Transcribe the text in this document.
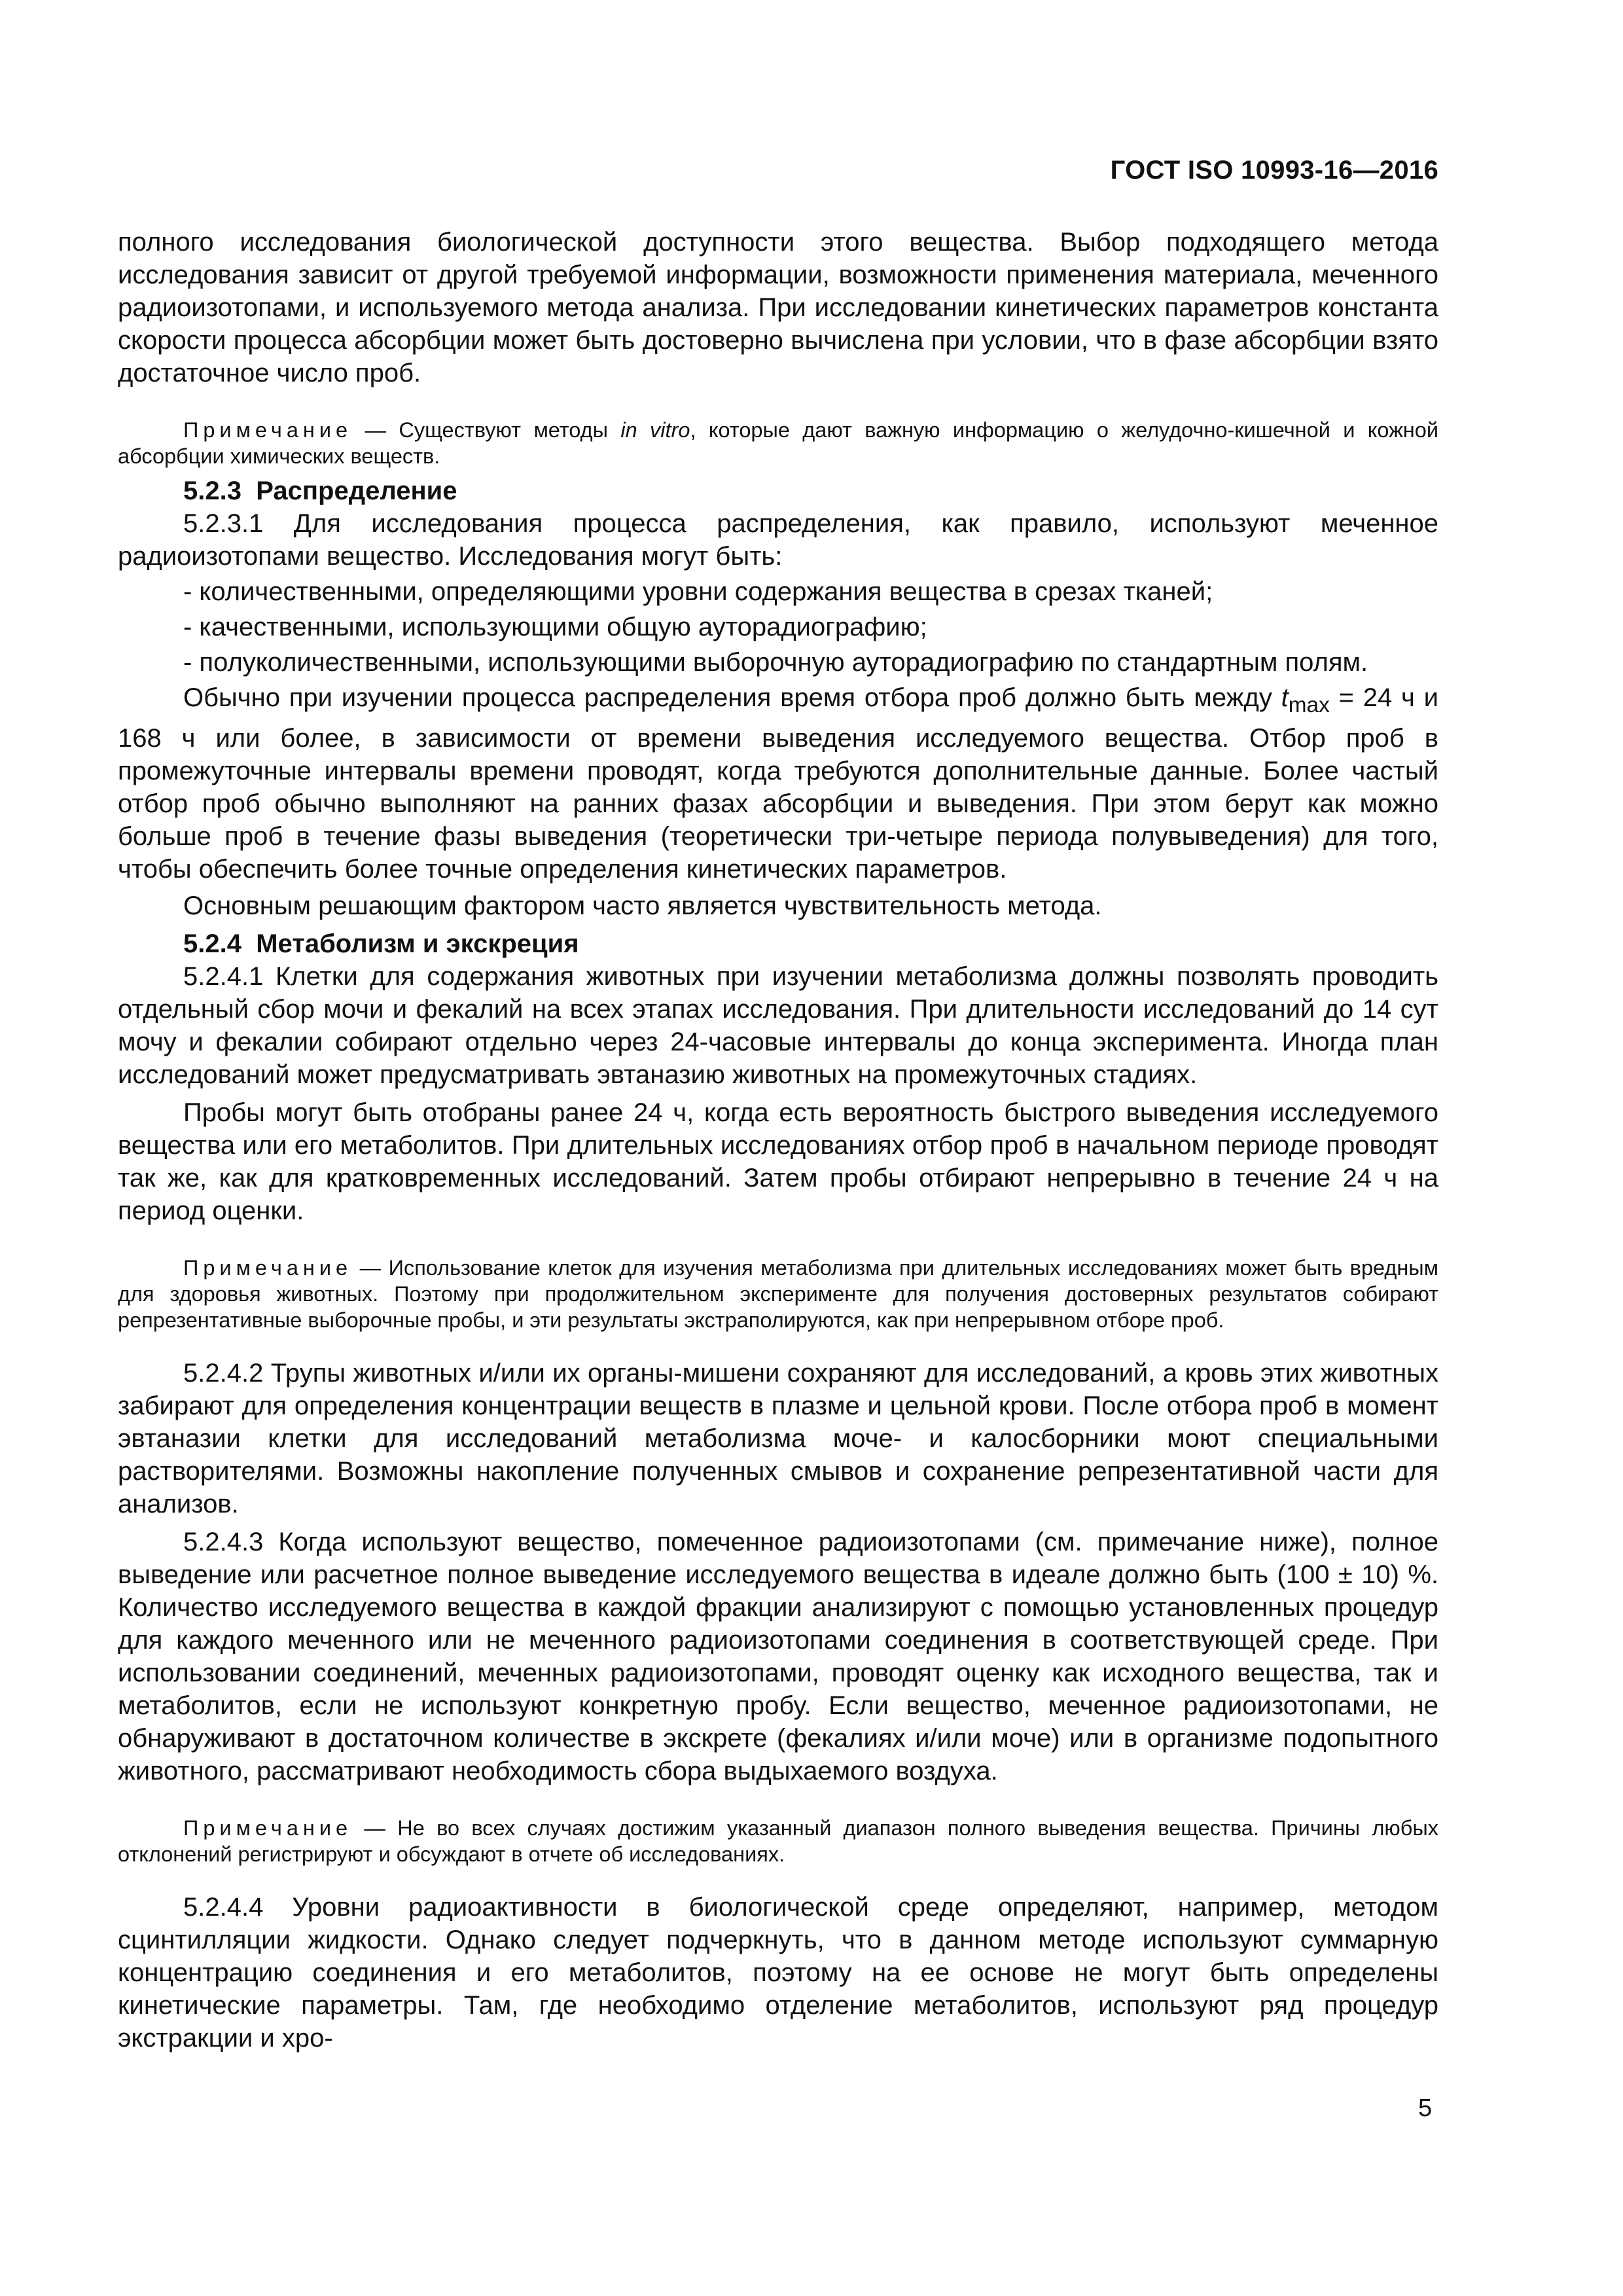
ГОСТ ISO 10993-16—2016

полного исследования биологической доступности этого вещества. Выбор подходящего метода исследования зависит от другой требуемой информации, возможности применения материала, меченного радиоизотопами, и используемого метода анализа. При исследовании кинетических параметров константа скорости процесса абсорбции может быть достоверно вычислена при условии, что в фазе абсорбции взято достаточное число проб.

Примечание — Существуют методы in vitro, которые дают важную информацию о желудочно-кишечной и кожной абсорбции химических веществ.

5.2.3 Распределение

5.2.3.1 Для исследования процесса распределения, как правило, используют меченное радиоизотопами вещество. Исследования могут быть:

- количественными, определяющими уровни содержания вещества в срезах тканей;

- качественными, использующими общую ауторадиографию;

- полуколичественными, использующими выборочную ауторадиографию по стандартным полям.

Обычно при изучении процесса распределения время отбора проб должно быть между $t_{max} = 24$ ч и 168 ч или более, в зависимости от времени выведения исследуемого вещества. Отбор проб в промежуточные интервалы времени проводят, когда требуются дополнительные данные. Более частый отбор проб обычно выполняют на ранних фазах абсорбции и выведения. При этом берут как можно больше проб в течение фазы выведения (теоретически три-четыре периода полувыведения) для того, чтобы обеспечить более точные определения кинетических параметров.

Основным решающим фактором часто является чувствительность метода.

5.2.4 Метаболизм и экскреция

5.2.4.1 Клетки для содержания животных при изучении метаболизма должны позволять проводить отдельный сбор мочи и фекалий на всех этапах исследования. При длительности исследований до 14 сут мочу и фекалии собирают отдельно через 24-часовые интервалы до конца эксперимента. Иногда план исследований может предусматривать эвтаназию животных на промежуточных стадиях.

Пробы могут быть отобраны ранее 24 ч, когда есть вероятность быстрого выведения исследуемого вещества или его метаболитов. При длительных исследованиях отбор проб в начальном периоде проводят так же, как для кратковременных исследований. Затем пробы отбирают непрерывно в течение 24 ч на период оценки.

Примечание — Использование клеток для изучения метаболизма при длительных исследованиях может быть вредным для здоровья животных. Поэтому при продолжительном эксперименте для получения достоверных результатов собирают репрезентативные выборочные пробы, и эти результаты экстраполируются, как при непрерывном отборе проб.

5.2.4.2 Трупы животных и/или их органы-мишени сохраняют для исследований, а кровь этих животных забирают для определения концентрации веществ в плазме и цельной крови. После отбора проб в момент эвтаназии клетки для исследований метаболизма моче- и калосборники моют специальными растворителями. Возможны накопление полученных смывов и сохранение репрезентативной части для анализов.

5.2.4.3 Когда используют вещество, помеченное радиоизотопами (см. примечание ниже), полное выведение или расчетное полное выведение исследуемого вещества в идеале должно быть (100 ± 10) %. Количество исследуемого вещества в каждой фракции анализируют с помощью установленных процедур для каждого меченного или не меченного радиоизотопами соединения в соответствующей среде. При использовании соединений, меченных радиоизотопами, проводят оценку как исходного вещества, так и метаболитов, если не используют конкретную пробу. Если вещество, меченное радиоизотопами, не обнаруживают в достаточном количестве в экскрете (фекалиях и/или моче) или в организме подопытного животного, рассматривают необходимость сбора выдыхаемого воздуха.

Примечание — Не во всех случаях достижим указанный диапазон полного выведения вещества. Причины любых отклонений регистрируют и обсуждают в отчете об исследованиях.

5.2.4.4 Уровни радиоактивности в биологической среде определяют, например, методом сцинтилляции жидкости. Однако следует подчеркнуть, что в данном методе используют суммарную концентрацию соединения и его метаболитов, поэтому на ее основе не могут быть определены кинетические параметры. Там, где необходимо отделение метаболитов, используют ряд процедур экстракции и хро-

5
